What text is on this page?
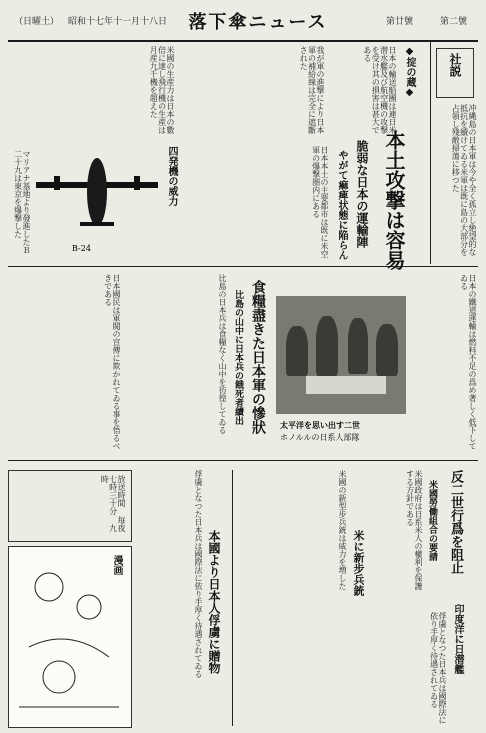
（日曜土） 昭和十七年十一月十八日	落下傘ニュース	第廿號	第二號
社説
◆掟の蔵◆
冲縄島の日本軍は今や全く孤立し絶望的な抵抗を續けてゐる米軍は既に島の大部分を占領し殘敵掃蕩に移つた
日本の輸送船團は連日米潜水艦及び航空機の攻撃を受け其の損害は甚大である
我が軍の進撃により日本軍の補給線は完全に遮斷された
米國の生産力は日本の數倍に達し飛行機の生産は月産九千機を超えた
本土攻撃は容易
脆弱な日本の運輸陣
やがて痲痺状態に陥らん
日本本土の主要都市は既に米空軍の爆撃圏内にある
四発機の威力
B-24
マリアナ基地より發進したＢ二十九は東京を爆撃した
日本の鐵道運輸は燃料不足の爲め著しく低下してゐる
太平洋を思い出す二世
ホノルルの日系人部隊
食糧盡きた日本軍の慘狀
比島の山中に日本兵の餓死者續出
比島の日本兵は食糧なく山中を彷徨してゐる
日本國民は軍閥の宣傳に欺かれてゐる事を悟るべきである
反二世行爲を阻止
米國勞働組合の要請
米國政府は日系米人の權利を保護する方針である
米に新步兵銃
米國の新型步兵銃は威力を増した
印度洋に日潜艦
俘虜となつた日本兵は國際法に依り手厚く待遇されてゐる
本國より日本人俘虜に贈物
俘虜となつた日本兵は國際法に依り手厚く待遇されてゐる
放送時間 毎夜七時三十分 九時
漫画
